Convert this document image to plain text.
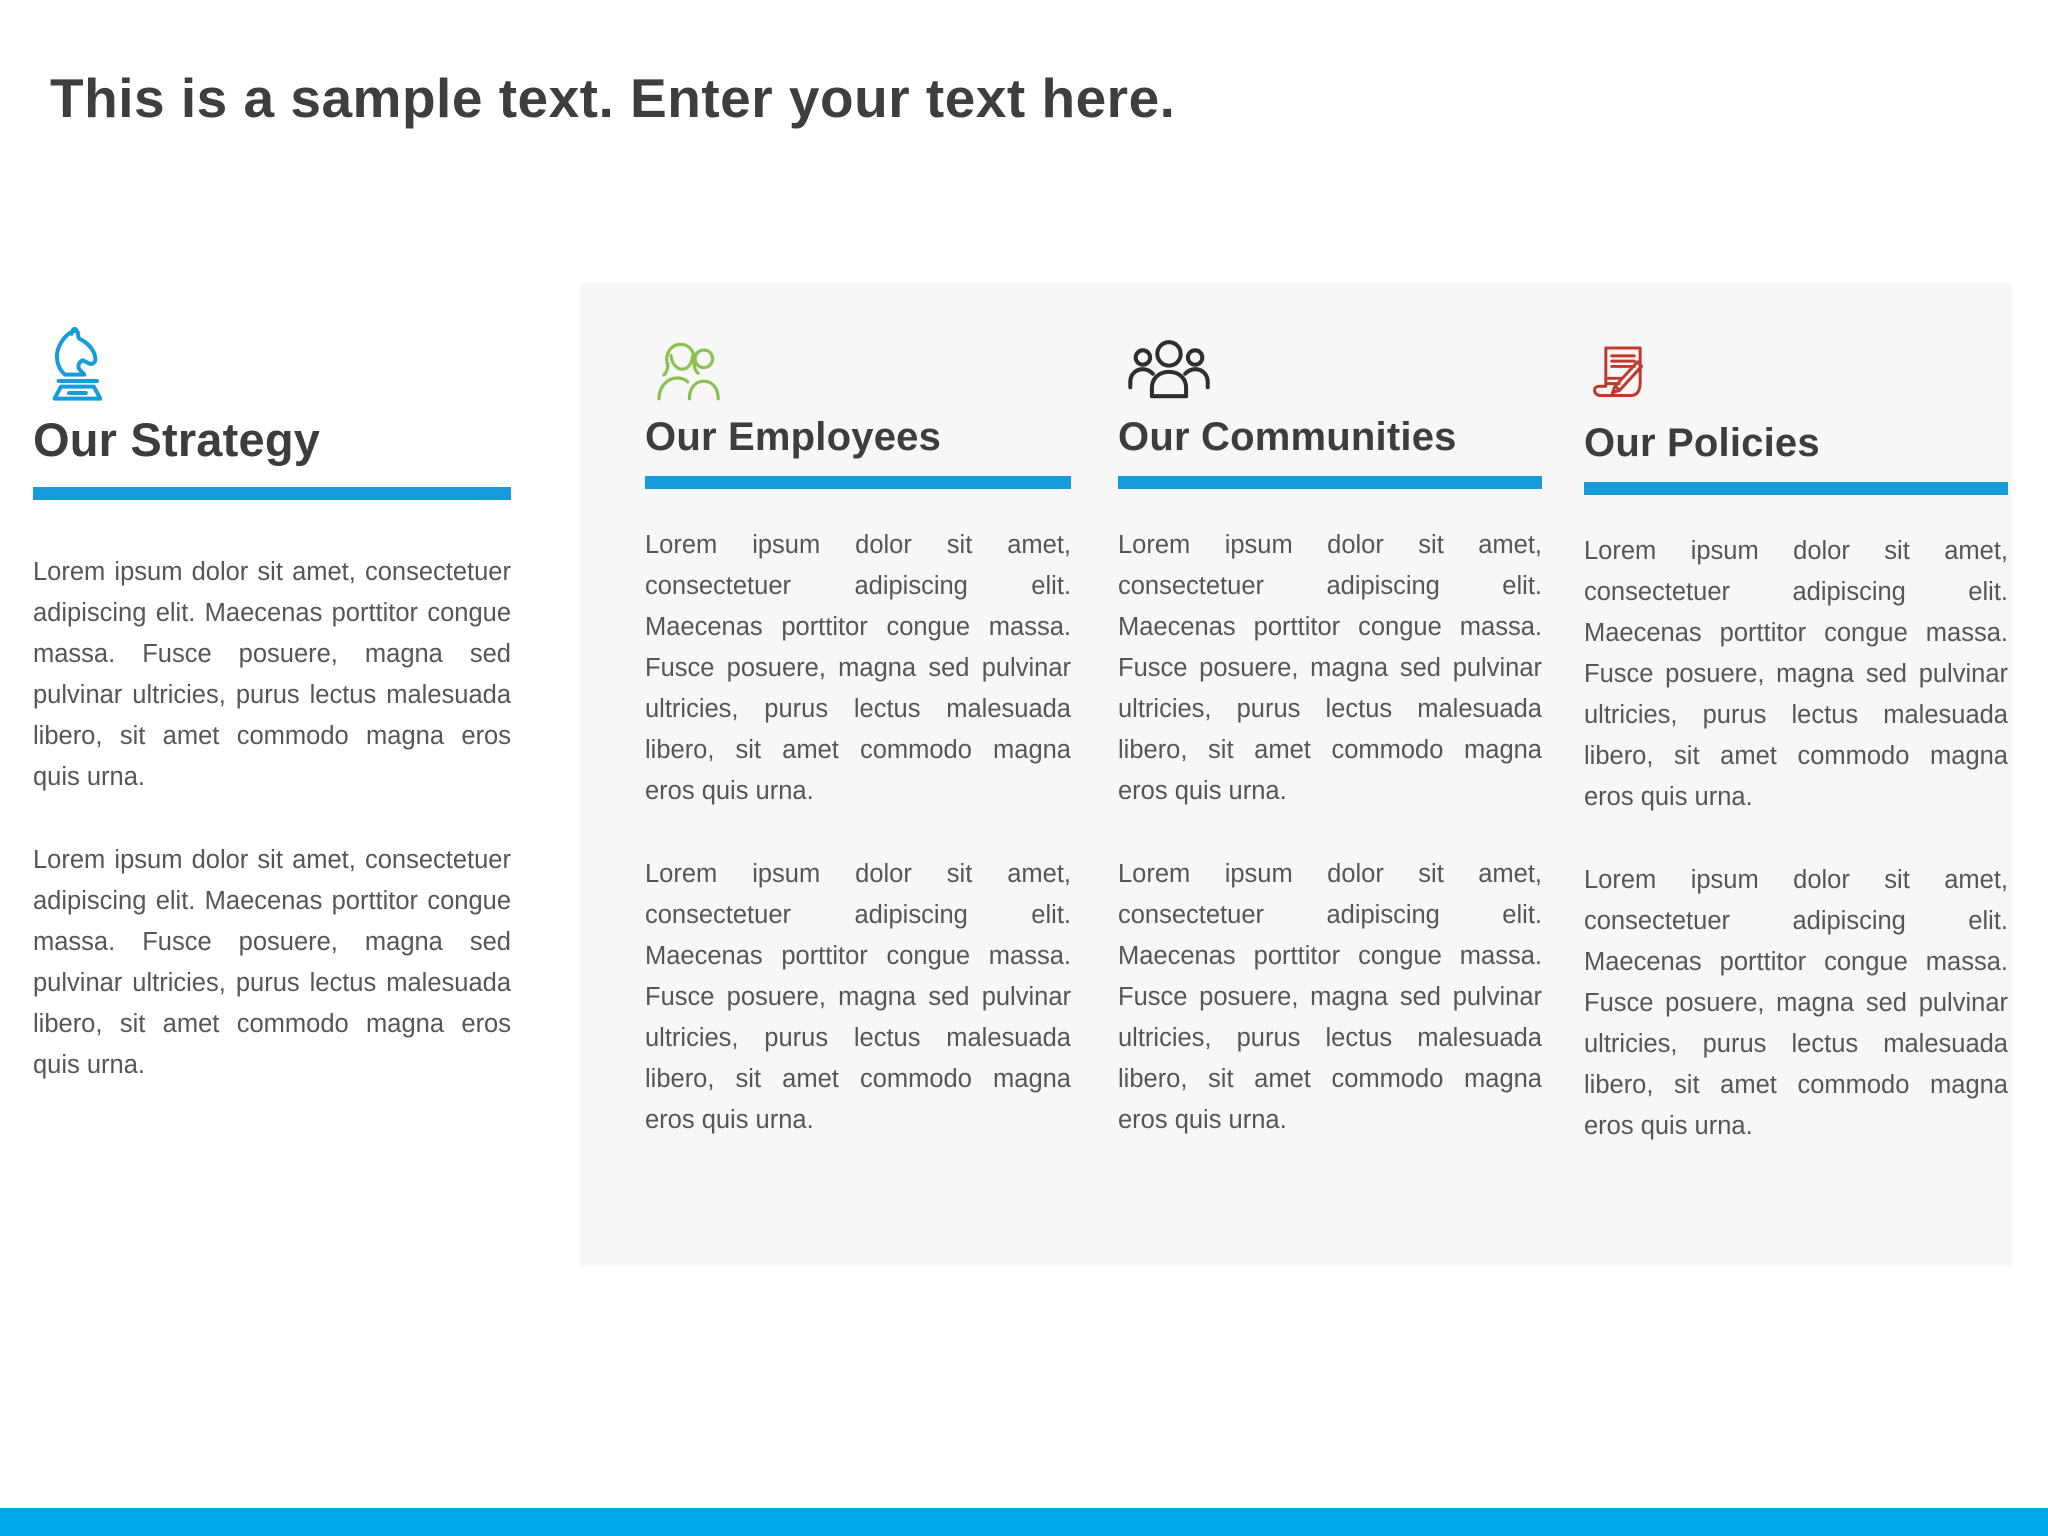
This is a sample text. Enter your text here.
Our Strategy

Lorem ipsum dolor sit amet, consectetuer adipiscing elit. Maecenas porttitor congue massa. Fusce posuere, magna sed pulvinar ultricies, purus lectus malesuada libero, sit amet commodo magna eros quis urna.

Lorem ipsum dolor sit amet, consectetuer adipiscing elit. Maecenas porttitor congue massa. Fusce posuere, magna sed pulvinar ultricies, purus lectus malesuada libero, sit amet commodo magna eros quis urna.

Our Employees

Lorem ipsum dolor sit amet, consectetuer adipiscing elit. Maecenas porttitor congue massa. Fusce posuere, magna sed pulvinar ultricies, purus lectus malesuada libero, sit amet commodo magna eros quis urna.

Lorem ipsum dolor sit amet, consectetuer adipiscing elit. Maecenas porttitor congue massa. Fusce posuere, magna sed pulvinar ultricies, purus lectus malesuada libero, sit amet commodo magna eros quis urna.

Our Communities

Lorem ipsum dolor sit amet, consectetuer adipiscing elit. Maecenas porttitor congue massa. Fusce posuere, magna sed pulvinar ultricies, purus lectus malesuada libero, sit amet commodo magna eros quis urna.

Lorem ipsum dolor sit amet, consectetuer adipiscing elit. Maecenas porttitor congue massa. Fusce posuere, magna sed pulvinar ultricies, purus lectus malesuada libero, sit amet commodo magna eros quis urna.

Our Policies

Lorem ipsum dolor sit amet, consectetuer adipiscing elit. Maecenas porttitor congue massa. Fusce posuere, magna sed pulvinar ultricies, purus lectus malesuada libero, sit amet commodo magna eros quis urna.

Lorem ipsum dolor sit amet, consectetuer adipiscing elit. Maecenas porttitor congue massa. Fusce posuere, magna sed pulvinar ultricies, purus lectus malesuada libero, sit amet commodo magna eros quis urna.
